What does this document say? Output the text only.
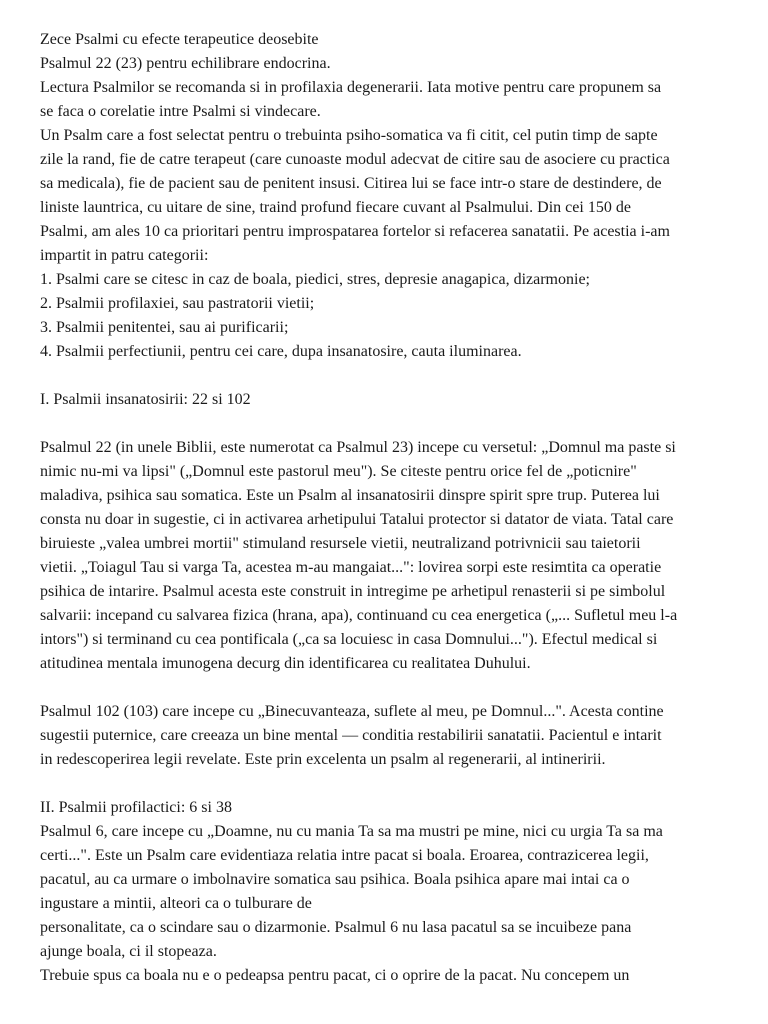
Zece Psalmi cu efecte terapeutice deosebite

Psalmul 22 (23) pentru echilibrare endocrina.

Lectura Psalmilor se recomanda si in profilaxia degenerarii. Iata motive pentru care propunem sa

se faca o corelatie intre Psalmi si vindecare.

Un Psalm care a fost selectat pentru o trebuinta psiho-somatica va fi citit, cel putin timp de sapte

zile la rand, fie de catre terapeut (care cunoaste modul adecvat de citire sau de asociere cu practica

sa medicala), fie de pacient sau de penitent insusi. Citirea lui se face intr-o stare de destindere, de

liniste launtrica, cu uitare de sine, traind profund fiecare cuvant al Psalmului. Din cei 150 de

Psalmi, am ales 10 ca prioritari pentru improspatarea fortelor si refacerea sanatatii. Pe acestia i-am

impartit in patru categorii:

1. Psalmi care se citesc in caz de boala, piedici, stres, depresie anagapica, dizarmonie;

2. Psalmii profilaxiei, sau pastratorii vietii;

3. Psalmii penitentei, sau ai purificarii;

4. Psalmii perfectiunii, pentru cei care, dupa insanatosire, cauta iluminarea.

I. Psalmii insanatosirii: 22 si 102

Psalmul 22 (in unele Biblii, este numerotat ca Psalmul 23) incepe cu versetul: „Domnul ma paste si

nimic nu-mi va lipsi" („Domnul este pastorul meu"). Se citeste pentru orice fel de „poticnire"

maladiva, psihica sau somatica. Este un Psalm al insanatosirii dinspre spirit spre trup. Puterea lui

consta nu doar in sugestie, ci in activarea arhetipului Tatalui protector si datator de viata. Tatal care

biruieste „valea umbrei mortii" stimuland resursele vietii, neutralizand potrivnicii sau taietorii

vietii. „Toiagul Tau si varga Ta, acestea m-au mangaiat...": lovirea sorpi este resimtita ca operatie

psihica de intarire. Psalmul acesta este construit in intregime pe arhetipul renasterii si pe simbolul

salvarii: incepand cu salvarea fizica (hrana, apa), continuand cu cea energetica („... Sufletul meu l-a

intors") si terminand cu cea pontificala („ca sa locuiesc in casa Domnului..."). Efectul medical si

atitudinea mentala imunogena decurg din identificarea cu realitatea Duhului.

Psalmul 102 (103) care incepe cu „Binecuvanteaza, suflete al meu, pe Domnul...". Acesta contine

sugestii puternice, care creeaza un bine mental — conditia restabilirii sanatatii. Pacientul e intarit

in redescoperirea legii revelate. Este prin excelenta un psalm al regenerarii, al intineririi.

II. Psalmii profilactici: 6 si 38

Psalmul 6, care incepe cu „Doamne, nu cu mania Ta sa ma mustri pe mine, nici cu urgia Ta sa ma

certi...". Este un Psalm care evidentiaza relatia intre pacat si boala. Eroarea, contrazicerea legii,

pacatul, au ca urmare o imbolnavire somatica sau psihica. Boala psihica apare mai intai ca o

ingustare a mintii, alteori ca o tulburare de

personalitate, ca o scindare sau o dizarmonie. Psalmul 6 nu lasa pacatul sa se incuibeze pana

ajunge boala, ci il stopeaza.

Trebuie spus ca boala nu e o pedeapsa pentru pacat, ci o oprire de la pacat. Nu concepem un
